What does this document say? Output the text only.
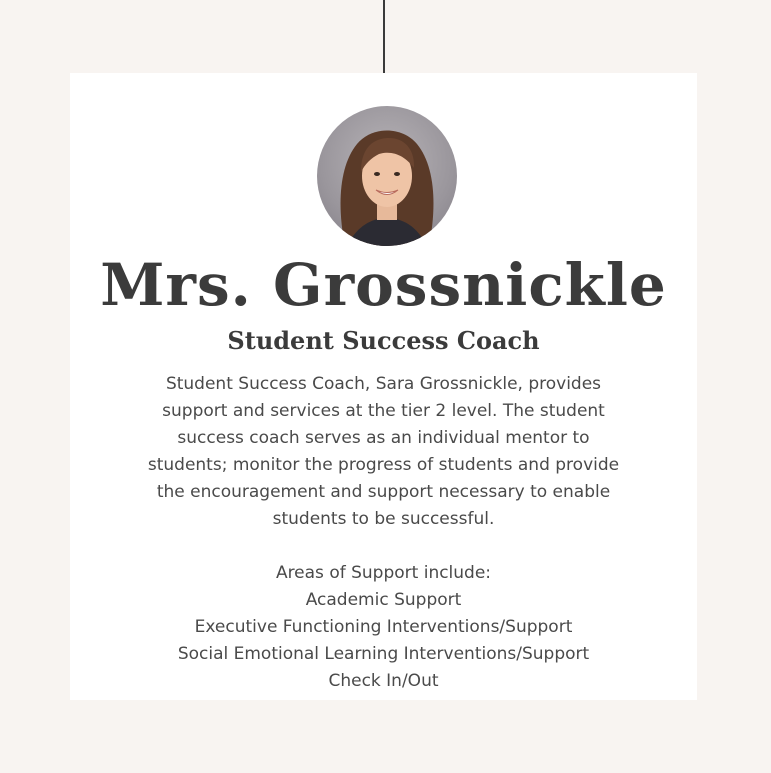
Mrs. Grossnickle
Student Success Coach
Student Success Coach, Sara Grossnickle, provides
support and services at the tier 2 level. The student
success coach serves as an individual mentor to
students; monitor the progress of students and provide
the encouragement and support necessary to enable
students to be successful.
Areas of Support include:
Academic Support
Executive Functioning Interventions/Support
Social Emotional Learning Interventions/Support
Check In/Out
